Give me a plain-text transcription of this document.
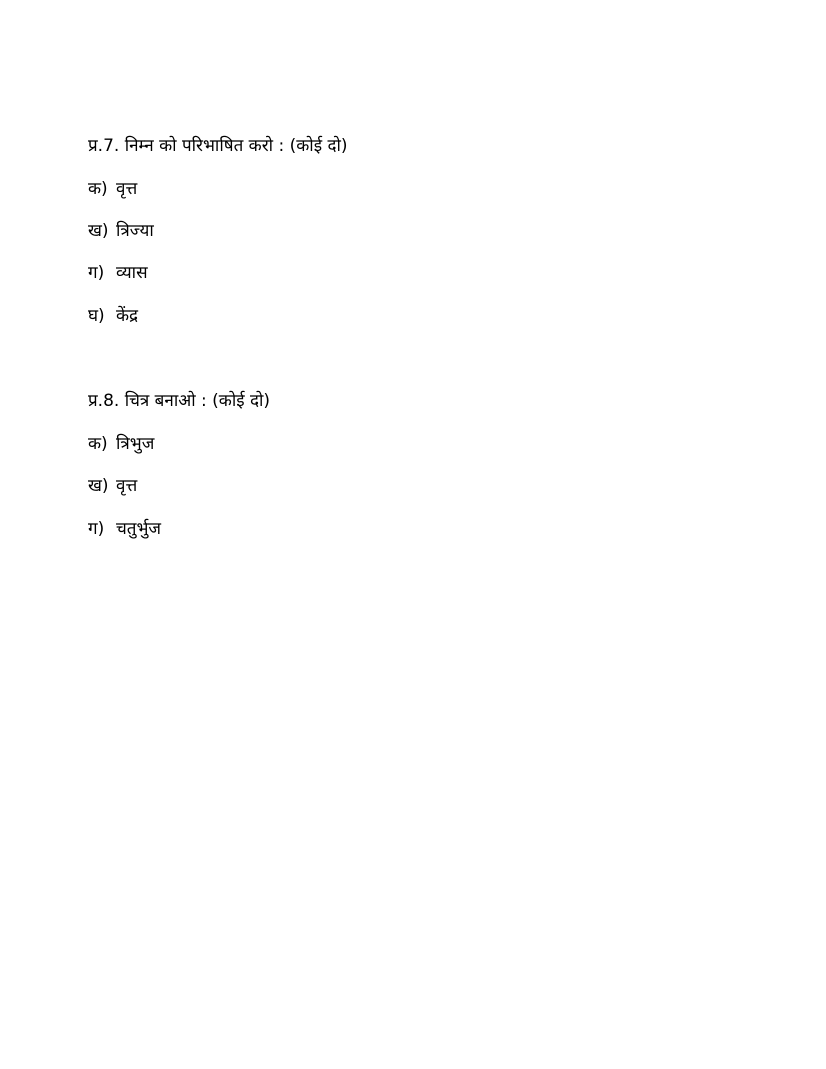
प्र.7. निम्न को परिभाषित करो : (कोई दो)
क) वृत्त
ख) त्रिज्या
ग) व्यास
घ) केंद्र
प्र.8. चित्र बनाओ : (कोई दो)
क) त्रिभुज
ख) वृत्त
ग) चतुर्भुज
